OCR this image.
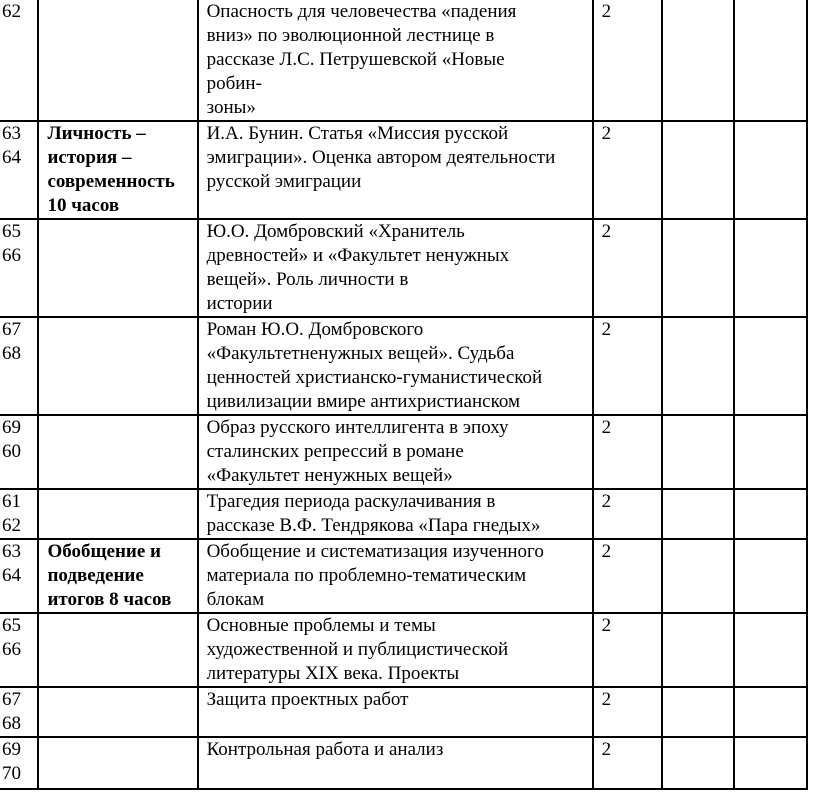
62		Опасность для человечества «падения
вниз» по эволюционной лестнице в
рассказе Л.С. Петрушевской «Новые
робин-
зоны»	2		
63
64	Личность –
история –
современность
10 часов	И.А. Бунин. Статья «Миссия русской
эмиграции». Оценка автором деятельности
русской эмиграции	2		
65
66		Ю.О. Домбровский «Хранитель
древностей» и «Факультет ненужных
вещей». Роль личности в
истории	2		
67
68		Роман Ю.О. Домбровского
«Факультетненужных вещей». Судьба
ценностей христианско-гуманистической
цивилизации вмире антихристианском	2		
69
60		Образ русского интеллигента в эпоху
сталинских репрессий в романе
«Факультет ненужных вещей»	2		
61
62		Трагедия периода раскулачивания в
рассказе В.Ф. Тендрякова «Пара гнедых»	2		
63
64	Обобщение и
подведение
итогов 8 часов	Обобщение и систематизация изученного
материала по проблемно-тематическим
блокам	2		
65
66		Основные проблемы и темы
художественной и публицистической
литературы XIX века. Проекты	2		
67
68		Защита проектных работ	2		
69
70		Контрольная работа и анализ	2		
